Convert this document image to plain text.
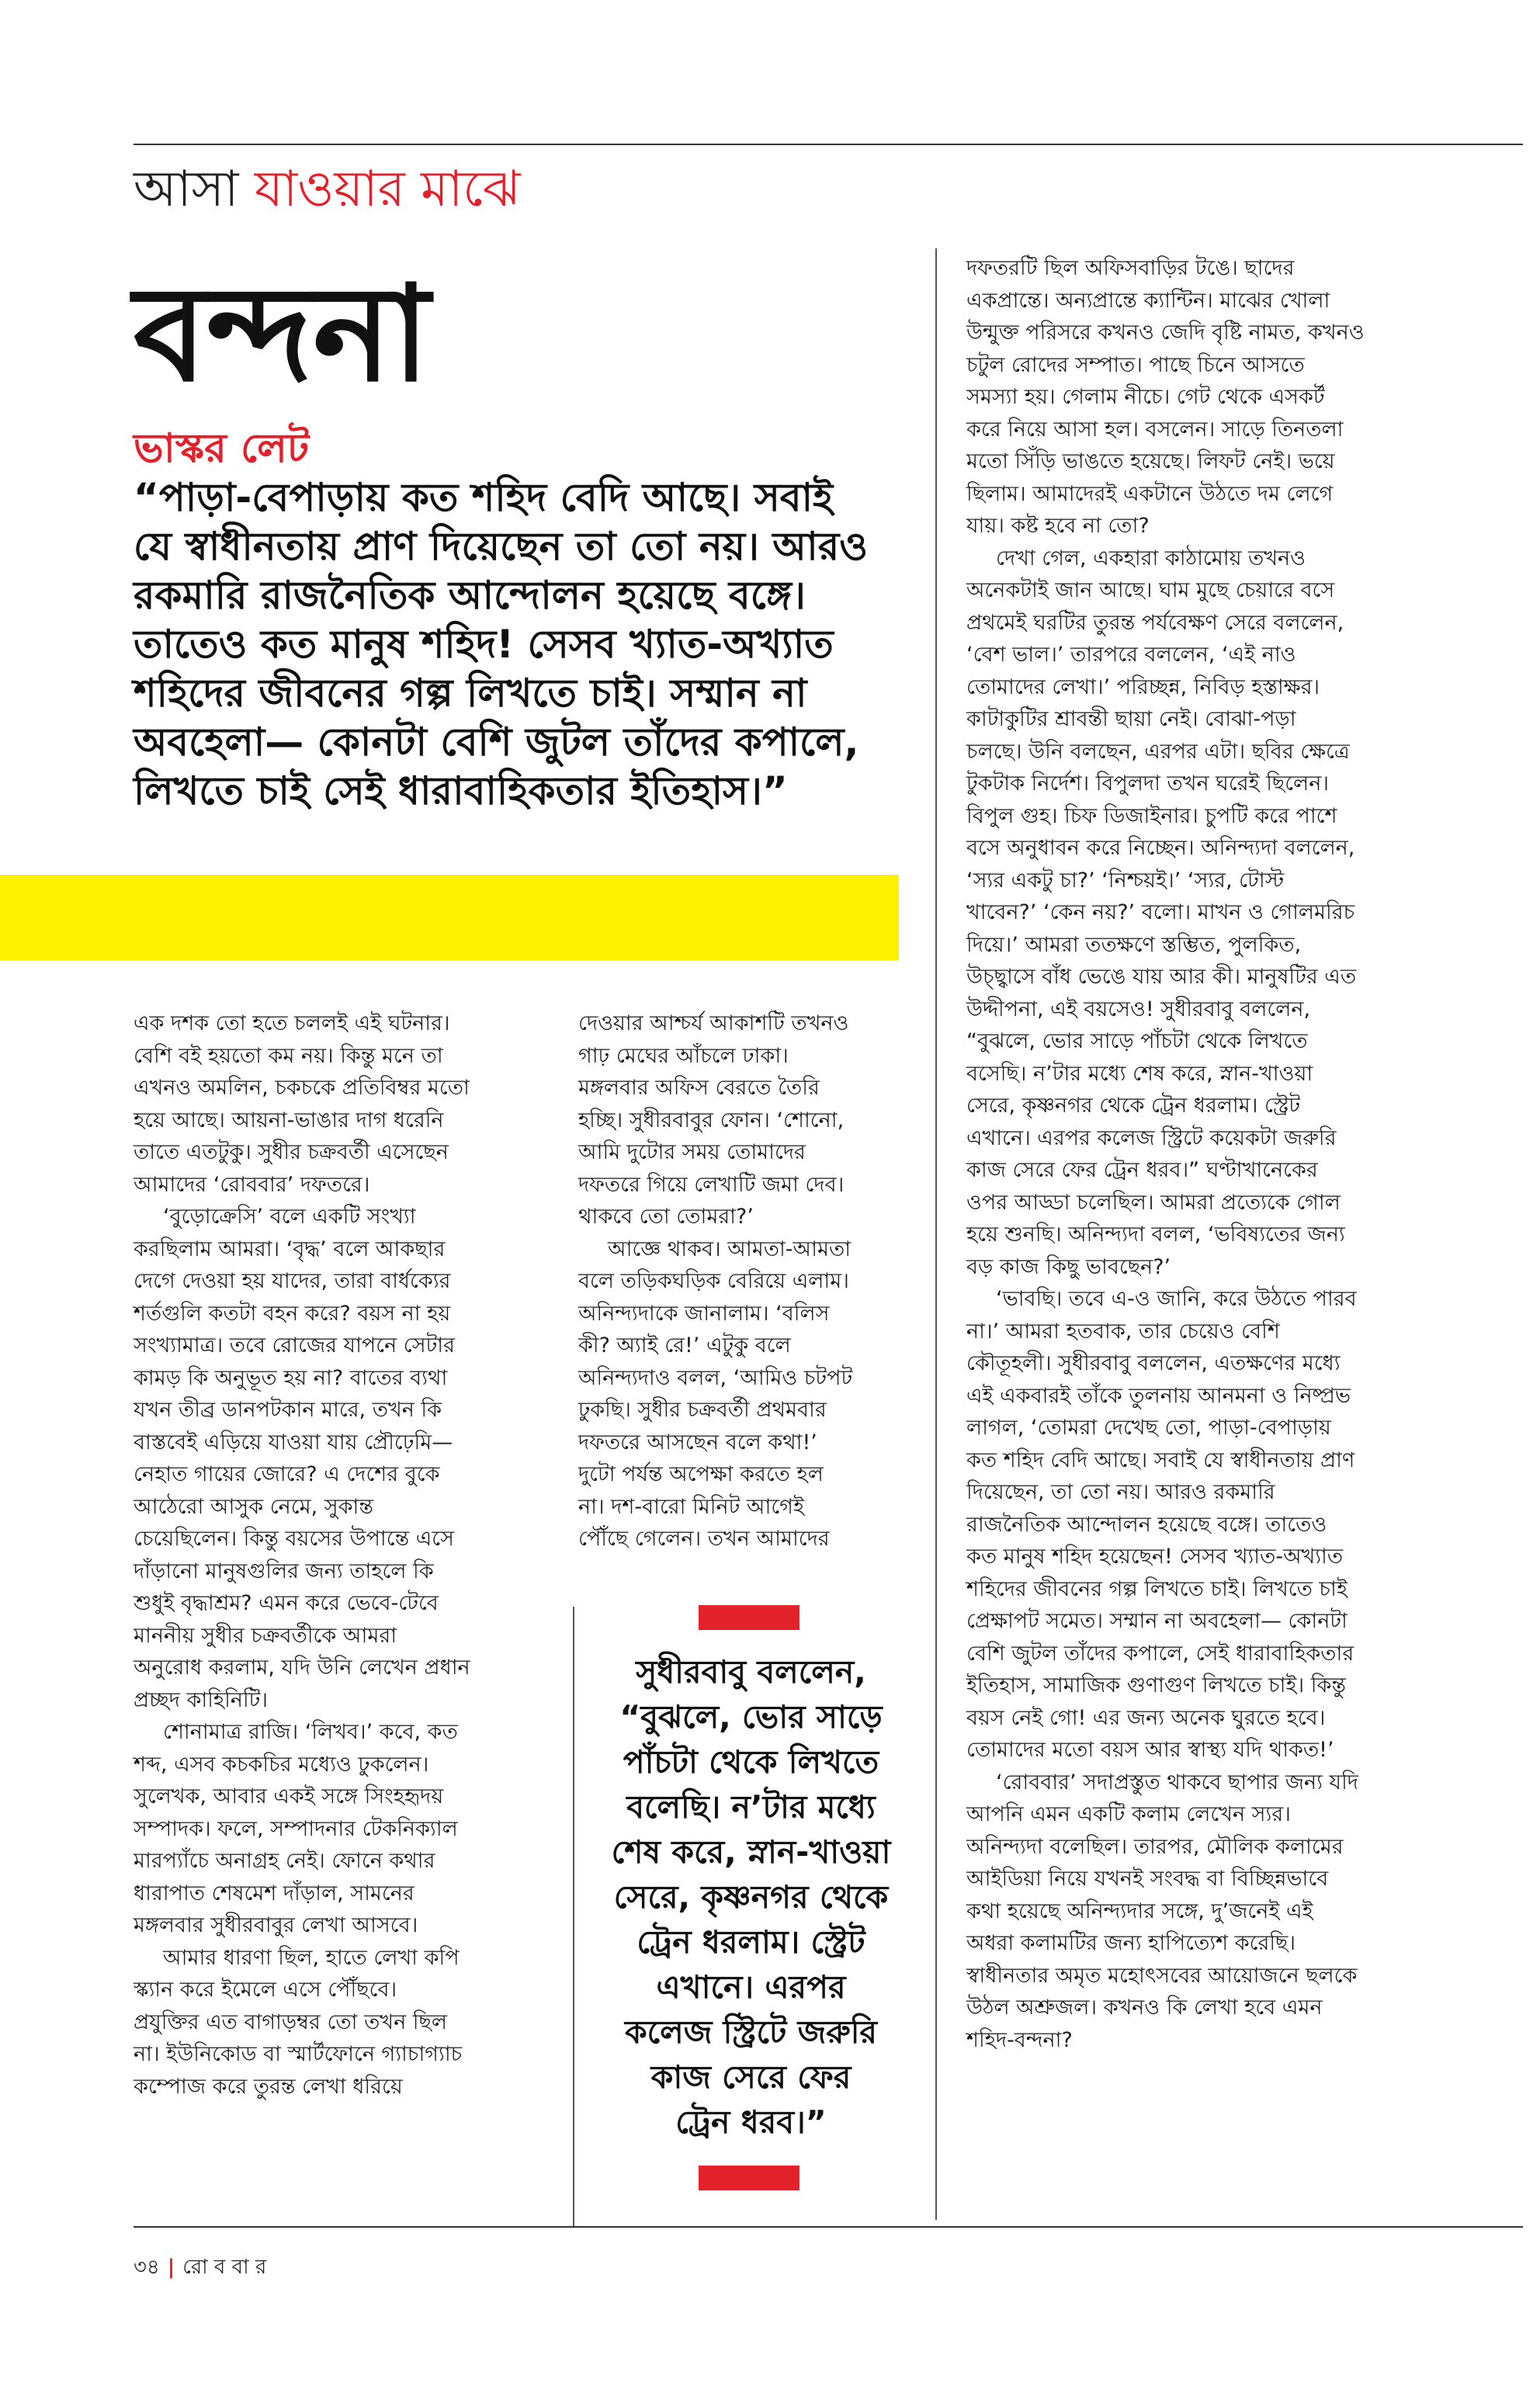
আসা যাওয়ার মাঝে
বন্দনা
ভাস্কর লেট

“পাড়া-বেপাড়ায় কত শহিদ বেদি আছে। সবাই

যে স্বাধীনতায় প্রাণ দিয়েছেন তা তো নয়। আরও

রকমারি রাজনৈতিক আন্দোলন হয়েছে বঙ্গে।

তাতেও কত মানুষ শহিদ! সেসব খ্যাত-অখ্যাত

শহিদের জীবনের গল্প লিখতে চাই। সম্মান না

অবহেলা— কোনটা বেশি জুটল তাঁদের কপালে,

লিখতে চাই সেই ধারাবাহিকতার ইতিহাস।”

এক দশক তো হতে চলল‌ই এই ঘটনার।

বেশি বই হয়তো কম নয়। কিন্তু মনে তা

এখনও অমলিন, চকচকে প্রতিবিম্বর মতো

হয়ে আছে। আয়না-ভাঙার দাগ ধরেনি

তাতে এতটুকু। সুধীর চক্রবর্তী এসেছেন

আমাদের ‘রোববার’ দফতরে।

‘বুড়োক্রেসি’ বলে একটি সংখ্যা

করছিলাম আমরা। ‘বৃদ্ধ’ বলে আকছার

দেগে দেওয়া হয় যাদের, তারা বার্ধক্যের

শর্তগুলি কতটা বহন করে? বয়স না হয়

সংখ্যামাত্র। তবে রোজের যাপনে সেটার

কামড় কি অনুভূত হয় না? বাতের ব্যথা

যখন তীব্র ডানপটকান মারে, তখন কি

বাস্তবেই এড়িয়ে যাওয়া যায় প্রৌঢ়েমি—

নেহাত গায়ের জোরে? এ দেশের বুকে

আঠেরো আসুক নেমে, সুকান্ত

চেয়েছিলেন। কিন্তু বয়সের উপান্তে এসে

দাঁড়ানো মানুষগুলির জন্য তাহলে কি

শুধুই বৃদ্ধাশ্রম? এমন করে ভেবে-টেবে

মাননীয় সুধীর চক্রবর্তীকে আমরা

অনুরোধ করলাম, যদি উনি লেখেন প্রধান

প্রচ্ছদ কাহিনিটি।

শোনামাত্র রাজি। ‘লিখব।’ কবে, কত

শব্দ, এসব কচকচির মধ্যেও ঢুকলেন।

সুলেখক, আবার একই সঙ্গে সিংহহৃদয়

সম্পাদক। ফলে, সম্পাদনার টেকনিক্যাল

মারপ্যাঁচে অনাগ্রহ নেই। ফোনে কথার

ধারাপাত শেষমেশ দাঁড়াল, সামনের

মঙ্গলবার সুধীরবাবুর লেখা আসবে।

আমার ধারণা ছিল, হাতে লেখা কপি

স্ক্যান করে ইমেলে এসে পৌঁছবে।

প্রযুক্তির এত বাগাড়ম্বর তো তখন ছিল

না। ইউনিকোড বা স্মার্টফোনে গ্যাচাগ্যাচ

কম্পোজ করে তুরন্ত লেখা ধরিয়ে

দেওয়ার আশ্চর্য আকাশটি তখনও

গাঢ় মেঘের আঁচলে ঢাকা।

মঙ্গলবার অফিস বেরতে তৈরি

হচ্ছি। সুধীরবাবুর ফোন। ‘শোনো,

আমি দুটোর সময় তোমাদের

দফতরে গিয়ে লেখাটি জমা দেব।

থাকবে তো তোমরা?’

আজ্ঞে থাকব। আমতা-আমতা

বলে তড়িকঘড়িক বেরিয়ে এলাম।

অনিন্দ্যদাকে জানালাম। ‘বলিস

কী? অ্যাই রে!’ এটুকু বলে

অনিন্দ্যদাও বলল, ‘আমিও চটপট

ঢুকছি। সুধীর চক্রবর্তী প্রথমবার

দফতরে আসছেন বলে কথা!’

দুটো পর্যন্ত অপেক্ষা করতে হল

না। দশ-বারো মিনিট আগেই

পৌঁছে গেলেন। তখন আমাদের

সুধীরবাবু বললেন,

“বুঝলে, ভোর সাড়ে

পাঁচটা থেকে লিখতে

বলেছি। ন’টার মধ্যে

শেষ করে, স্নান-খাওয়া

সেরে, কৃষ্ণনগর থেকে

ট্রেন ধরলাম। স্ট্রেট

এখানে। এরপর

কলেজ স্ট্রিটে জরুরি

কাজ সেরে ফের

ট্রেন ধরব।”

দফতরটি ছিল অফিসবাড়ির টঙে। ছাদের

একপ্রান্তে। অন্যপ্রান্তে ক্যান্টিন। মাঝের খোলা

উন্মুক্ত পরিসরে কখনও জেদি বৃষ্টি নামত, কখনও

চটুল রোদের সম্পাত। পাছে চিনে আসতে

সমস্যা হয়। গেলাম নীচে। গেট থেকে এসকর্ট

করে নিয়ে আসা হল। বসলেন। সাড়ে তিনতলা

মতো সিঁড়ি ভাঙতে হয়েছে। লিফট নেই। ভয়ে

ছিলাম। আমাদের‌ই একটানে উঠতে দম লেগে

যায়। কষ্ট হবে না তো?

দেখা গেল, একহারা কাঠামোয় তখনও

অনেকটাই জান আছে। ঘাম মুছে চেয়ারে বসে

প্রথমেই ঘরটির তুরন্ত পর্যবেক্ষণ সেরে বললেন,

‘বেশ ভাল।’ তারপরে বললেন, ‘এই নাও

তোমাদের লেখা।’ পরিচ্ছন্ন, নিবিড় হস্তাক্ষর।

কাটাকুটির শ্রাবন্তী ছায়া নেই। বোঝা-পড়া

চলছে। উনি বলছেন, এরপর এটা। ছবির ক্ষেত্রে

টুকটাক নির্দেশ। বিপুলদা তখন ঘরেই ছিলেন।

বিপুল গুহ। চিফ ডিজাইনার। চুপটি করে পাশে

বসে অনুধাবন করে নিচ্ছেন। অনিন্দ্যদা বললেন,

‘স্যর একটু চা?’ ‘নিশ্চয়ই।’ ‘স্যর, টোস্ট

খাবেন?’ ‘কেন নয়?’ বলো। মাখন ও গোলমরিচ

দিয়ে।’ আমরা ততক্ষণে স্তম্ভিত, পুলকিত,

উচ্ছ্বাসে বাঁধ ভেঙে যায় আর কী। মানুষটির এত

উদ্দীপনা, এই বয়সেও! সুধীরবাবু বললেন,

“বুঝলে, ভোর সাড়ে পাঁচটা থেকে লিখতে

বসেছি। ন’টার মধ্যে শেষ করে, স্নান-খাওয়া

সেরে, কৃষ্ণনগর থেকে ট্রেন ধরলাম। স্ট্রেট

এখানে। এরপর কলেজ স্ট্রিটে কয়েকটা জরুরি

কাজ সেরে ফের ট্রেন ধরব।” ঘণ্টাখানেকের

ওপর আড্ডা চলেছিল। আমরা প্রত্যেকে গোল

হয়ে শুনছি। অনিন্দ্যদা বলল, ‘ভবিষ্যতের জন্য

বড় কাজ কিছু ভাবছেন?’

‘ভাবছি। তবে এ-ও জানি, করে উঠতে পারব

না।’ আমরা হতবাক, তার চেয়েও বেশি

কৌতূহলী। সুধীরবাবু বললেন, এতক্ষণের মধ্যে

এই একবার‌ই তাঁকে তুলনায় আনমনা ও নিষ্প্রভ

লাগল, ‘তোমরা দেখেছ তো, পাড়া-বেপাড়ায়

কত শহিদ বেদি আছে। সবাই যে স্বাধীনতায় প্রাণ

দিয়েছেন, তা তো নয়। আরও রকমারি

রাজনৈতিক আন্দোলন হয়েছে বঙ্গে। তাতেও

কত মানুষ শহিদ হয়েছেন! সেসব খ্যাত-অখ্যাত

শহিদের জীবনের গল্প লিখতে চাই। লিখতে চাই

প্রেক্ষাপট সমেত। সম্মান না অবহেলা— কোনটা

বেশি জুটল তাঁদের কপালে, সেই ধারাবাহিকতার

ইতিহাস, সামাজিক গুণাগুণ লিখতে চাই। কিন্তু

বয়স নেই গো! এর জন্য অনেক ঘুরতে হবে।

তোমাদের মতো বয়স আর স্বাস্থ্য যদি থাকত!’

‘রোববার’ সদাপ্রস্তুত থাকবে ছাপার জন্য যদি

আপনি এমন একটি কলাম লেখেন স্যর।

অনিন্দ্যদা বলেছিল। তারপর, মৌলিক কলামের

আইডিয়া নিয়ে যখন‌ই সংবদ্ধ বা বিচ্ছিন্নভাবে

কথা হয়েছে অনিন্দ্যদার সঙ্গে, দু’জনেই এই

অধরা কলামটির জন্য হাপিত্যেশ করেছি।

স্বাধীনতার অমৃত মহোৎসবের আয়োজনে ছলকে

উঠল অশ্রুজল। কখনও কি লেখা হবে এমন

শহিদ-বন্দনা?

৩৪ | রো ব বা র
